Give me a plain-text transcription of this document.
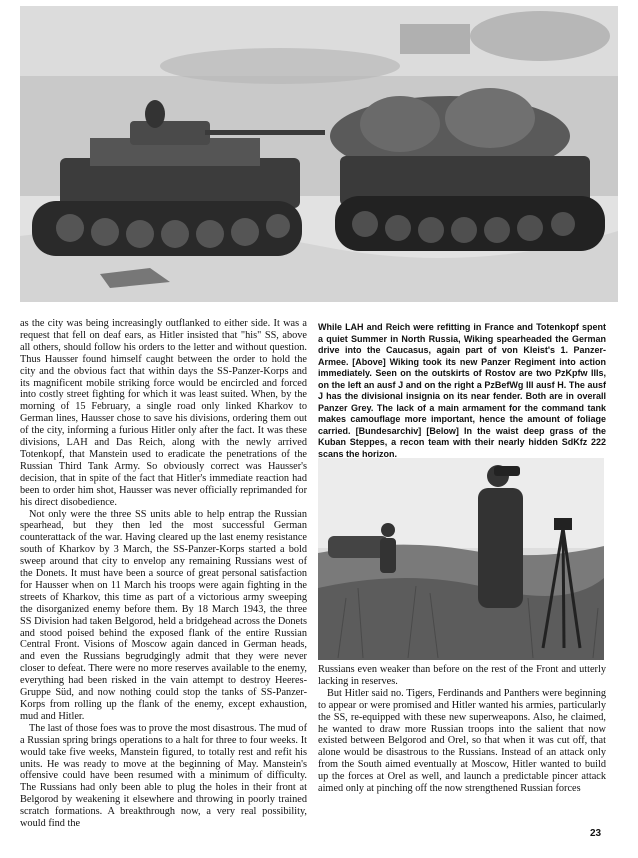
as the city was being increasingly outflanked to either side. It was a request that fell on deaf ears, as Hitler insisted that "his" SS, above all others, should follow his orders to the letter and without question. Thus Hausser found himself caught between the order to hold the city and the obvious fact that within days the SS-Panzer-Korps and its magnificent mobile striking force would be encircled and forced into costly street fighting for which it was least suited. When, by the morning of 15 February, a single road only linked Kharkov to German lines, Hausser chose to save his divisions, ordering them out of the city, informing a furious Hitler only after the fact. It was these divisions, LAH and Das Reich, along with the newly arrived Totenkopf, that Manstein used to eradicate the penetrations of the Russian Third Tank Army. So obviously correct was Hausser's decision, that in spite of the fact that Hitler's immediate reaction had been to order him shot, Hausser was never officially reprimanded for his direct disobedience.

Not only were the three SS units able to help entrap the Russian spearhead, but they then led the most successful German counterattack of the war. Having cleared up the last enemy resistance south of Kharkov by 3 March, the SS-Panzer-Korps started a bold sweep around that city to envelop any remaining Russians west of the Donets. It must have been a source of great personal satisfaction for Hausser when on 11 March his troops were again fighting in the streets of Kharkov, this time as part of a victorious army sweeping the disorganized enemy before them. By 18 March 1943, the three SS Division had taken Belgorod, held a bridgehead across the Donets and stood poised behind the exposed flank of the entire Russian Central Front. Visions of Moscow again danced in German heads, and even the Russians begrudgingly admit that they were never closer to defeat. There were no more reserves available to the enemy, everything had been risked in the vain attempt to destroy Heeres-Gruppe Süd, and now nothing could stop the tanks of SS-Panzer-Korps from rolling up the flank of the enemy, except exhaustion, mud and Hitler.

The last of those foes was to prove the most disastrous. The mud of a Russian spring brings operations to a halt for three to four weeks. It would take five weeks, Manstein figured, to totally rest and refit his units. He was ready to move at the beginning of May. Manstein's offensive could have been resumed with a minimum of difficulty. The Russians had only been able to plug the holes in their front at Belgorod by weakening it elsewhere and throwing in poorly trained scratch formations. A breakthrough now, a very real possibility, would find the

While LAH and Reich were refitting in France and Totenkopf spent a quiet Summer in North Russia, Wiking spearheaded the German drive into the Caucasus, again part of von Kleist's 1. Panzer-Armee. [Above] Wiking took its new Panzer Regiment into action immediately. Seen on the outskirts of Rostov are two PzKpfw IIIs, on the left an ausf J and on the right a PzBefWg III ausf H. The ausf J has the divisional insignia on its near fender. Both are in overall Panzer Grey. The lack of a main armament for the command tank makes camouflage more important, hence the amount of foliage carried. [Bundesarchiv] [Below] In the waist deep grass of the Kuban Steppes, a recon team with their nearly hidden SdKfz 222 scans the horizon.

Russians even weaker than before on the rest of the Front and utterly lacking in reserves.

But Hitler said no. Tigers, Ferdinands and Panthers were beginning to appear or were promised and Hitler wanted his armies, particularly the SS, re-equipped with these new superweapons. Also, he claimed, he wanted to draw more Russian troops into the salient that now existed between Belgorod and Orel, so that when it was cut off, that alone would be disastrous to the Russians. Instead of an attack only from the South aimed eventually at Moscow, Hitler wanted to build up the forces at Orel as well, and launch a predictable pincer attack aimed only at pinching off the now strengthened Russian forces

23
